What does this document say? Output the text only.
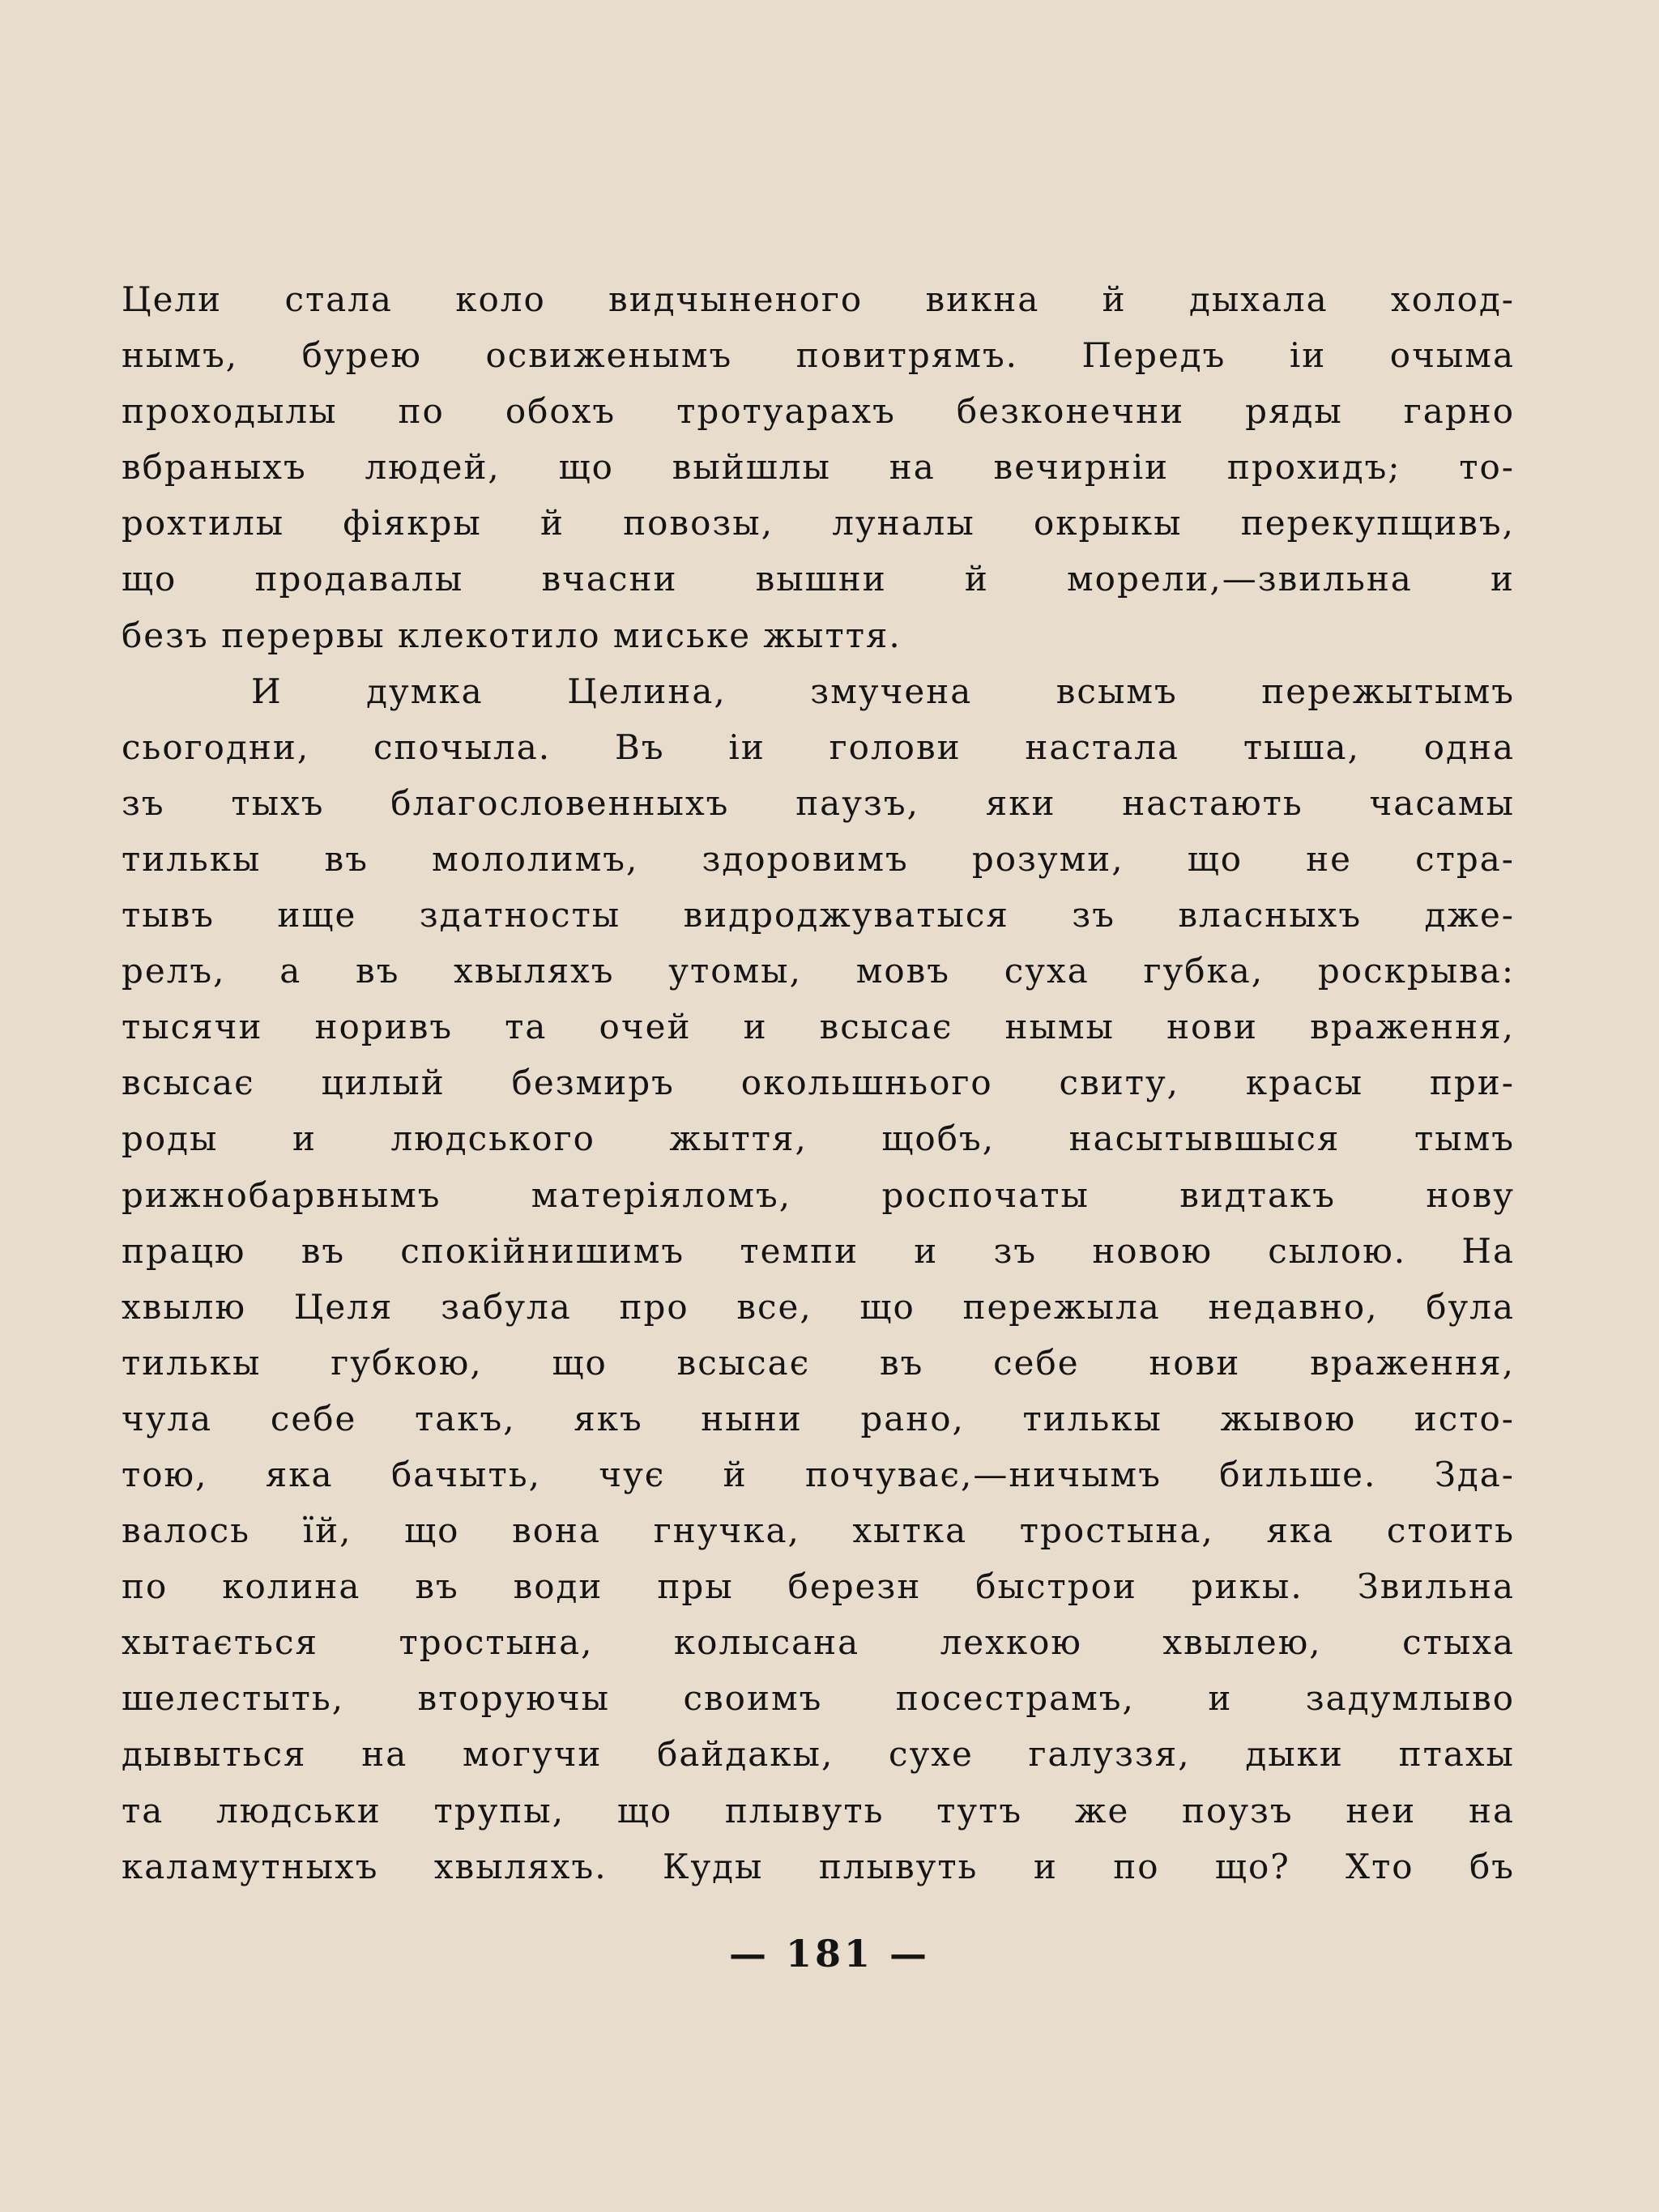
Цели стала коло видчыненого викна й дыхала холод-
нымъ, бурею освиженымъ повитрямъ. Передъ іи очыма
проходылы по обохъ тротуарахъ безконечни ряды гарно
вбраныхъ людей, що выйшлы на вечирніи прохидъ; то-
рохтилы фіякры й повозы, луналы окрыкы перекупщивъ,
що продавалы вчасни вышни й морели,—звильна и
безъ перервы клекотило миське жыття.
И думка Целина, змучена всымъ пережытымъ
сьогодни, спочыла. Въ іи голови настала тыша, одна
зъ тыхъ благословенныхъ паузъ, яки настають часамы
тилькы въ мололимъ, здоровимъ розуми, що не стра-
тывъ ище здатносты видроджуватыся зъ власныхъ дже-
релъ, а въ хвыляхъ утомы, мовъ суха губка, роскрыва:
тысячи норивъ та очей и всысає нымы нови враження,
всысає цилый безмиръ окольшнього свиту, красы при-
роды и людського жыття, щобъ, насытывшыся тымъ
рижнобарвнымъ матеріяломъ, роспочаты видтакъ нову
працю въ спокійнишимъ темпи и зъ новою сылою. На
хвылю Целя забула про все, що пережыла недавно, була
тилькы губкою, що всысає въ себе нови враження,
чула себе такъ, якъ ныни рано, тилькы жывою исто-
тою, яка бачыть, чує й почуває,—ничымъ бильше. Зда-
валось їй, що вона гнучка, хытка тростына, яка стоить
по колина въ води пры березн быстрои рикы. Звильна
хытається тростына, колысана лехкою хвылею, стыха
шелестыть, вторуючы своимъ посестрамъ, и задумлыво
дывыться на могучи байдакы, сухе галуззя, дыки птахы
та людськи трупы, що плывуть тутъ же поузъ неи на
каламутныхъ хвыляхъ. Куды плывуть и по що? Хто бъ
— 181 —
